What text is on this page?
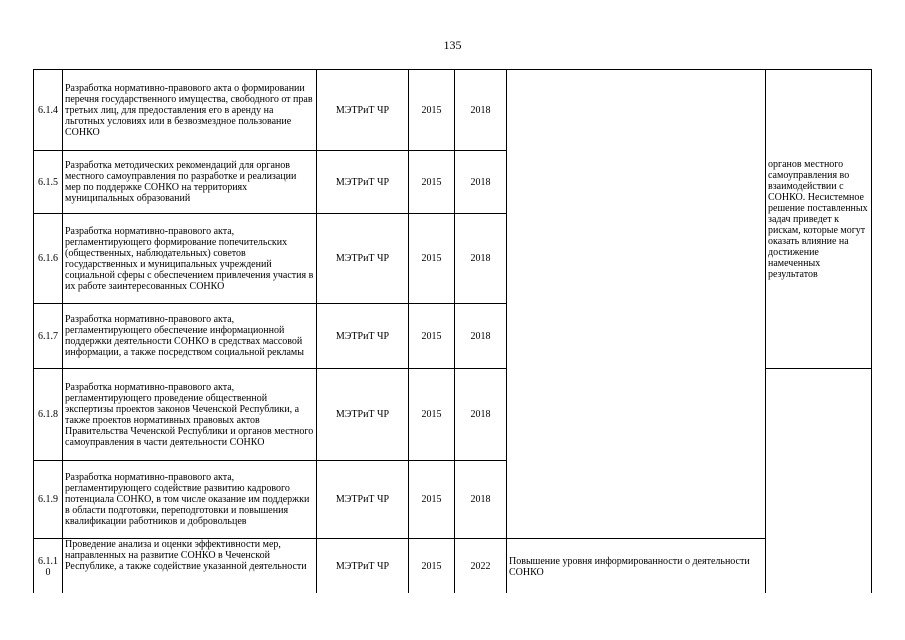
135
6.1.4	Разработка нормативно-правового акта о формировании перечня государственного имущества, свободного от прав третьих лиц, для предоставления его в аренду на льготных условиях или в безвозмездное пользование СОНКО	МЭТРиТ ЧР	2015	2018		органов местного самоуправления во взаимодействии с СОНКО. Несистемное решение поставленных задач приведет к рискам, которые могут оказать влияние на достижение намеченных результатов
6.1.5	Разработка методических рекомендаций для органов местного самоуправления по разработке и реализации мер по поддержке СОНКО на территориях муниципальных образований	МЭТРиТ ЧР	2015	2018		
6.1.6	Разработка нормативно-правового акта, регламентирующего формирование попечительских (общественных, наблюдательных) советов государственных и муниципальных учреждений социальной сферы с обеспечением привлечения участия в их работе заинтересованных СОНКО	МЭТРиТ ЧР	2015	2018		
6.1.7	Разработка нормативно-правового акта, регламентирующего обеспечение информационной поддержки деятельности СОНКО в средствах массовой информации, а также посредством социальной рекламы	МЭТРиТ ЧР	2015	2018		
6.1.8	Разработка нормативно-правового акта, регламентирующего проведение общественной экспертизы проектов законов Чеченской Республики, а также проектов нормативных правовых актов Правительства Чеченской Республики и органов местного самоуправления в части деятельности СОНКО	МЭТРиТ ЧР	2015	2018		
6.1.9	Разработка нормативно-правового акта, регламентирующего содействие развитию кадрового потенциала СОНКО, в том числе оказание им поддержки в области подготовки, переподготовки и повышения квалификации работников и добровольцев	МЭТРиТ ЧР	2015	2018		
6.1.1 0	Проведение анализа и оценки эффективности мер, направленных на развитие СОНКО в Чеченской Республике, а также содействие указанной деятельности	МЭТРиТ ЧР	2015	2022	Повышение уровня информированности о деятельности СОНКО	
